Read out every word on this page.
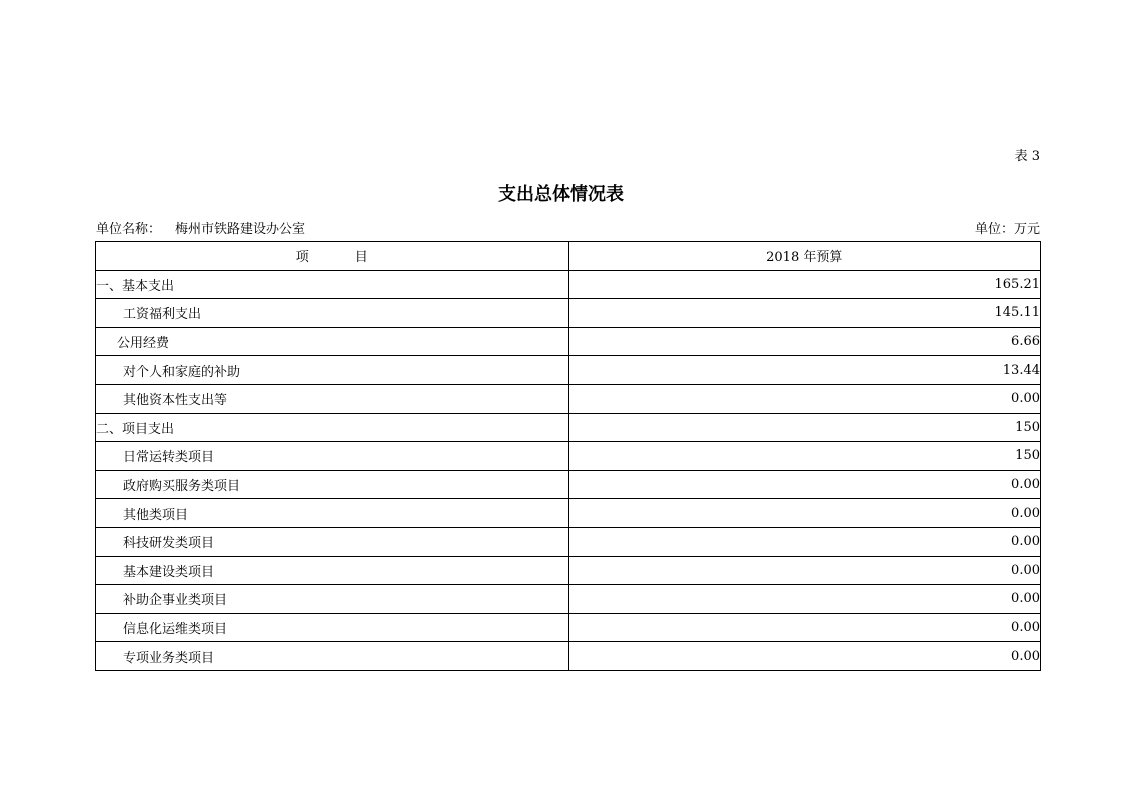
表 3
支出总体情况表
单位名称： 梅州市铁路建设办公室	单位：万元
项 目	2018 年预算
一、基本支出	165.21
工资福利支出	145.11
公用经费	6.66
对个人和家庭的补助	13.44
其他资本性支出等	0.00
二、项目支出	150
日常运转类项目	150
政府购买服务类项目	0.00
其他类项目	0.00
科技研发类项目	0.00
基本建设类项目	0.00
补助企事业类项目	0.00
信息化运维类项目	0.00
专项业务类项目	0.00
